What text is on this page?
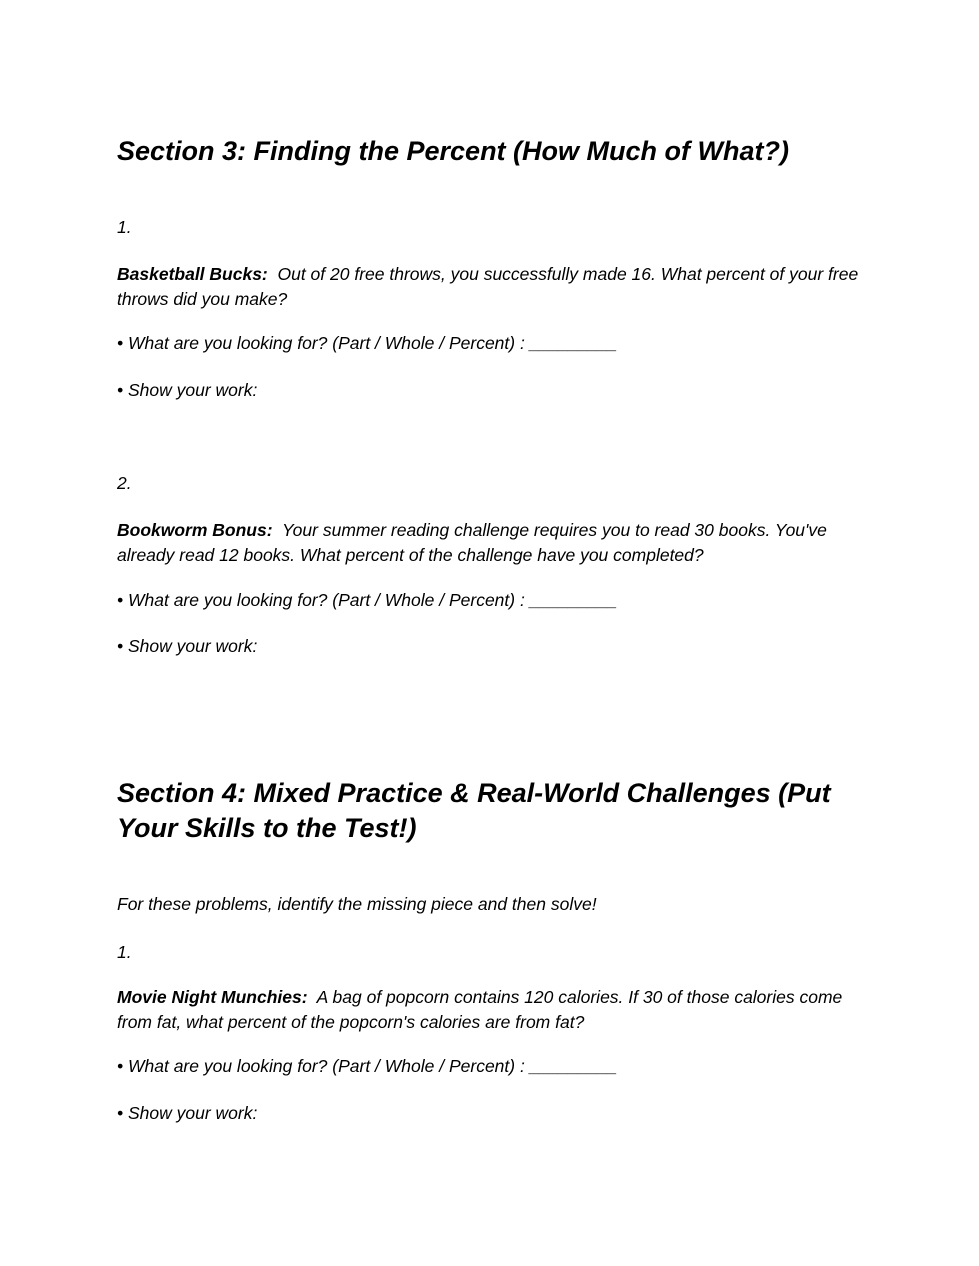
Section 3: Finding the Percent (How Much of What?)
1.

Basketball Bucks:  Out of 20 free throws, you successfully made 16. What percent of your free throws did you make?

• What are you looking for? (Part / Whole / Percent) : _________

• Show your work:

2.

Bookworm Bonus:  Your summer reading challenge requires you to read 30 books. You've already read 12 books. What percent of the challenge have you completed?

• What are you looking for? (Part / Whole / Percent) : _________

• Show your work:

Section 4: Mixed Practice & Real-World Challenges (Put Your Skills to the Test!)

For these problems, identify the missing piece and then solve!

1.

Movie Night Munchies:  A bag of popcorn contains 120 calories. If 30 of those calories come from fat, what percent of the popcorn's calories are from fat?

• What are you looking for? (Part / Whole / Percent) : _________

• Show your work:
